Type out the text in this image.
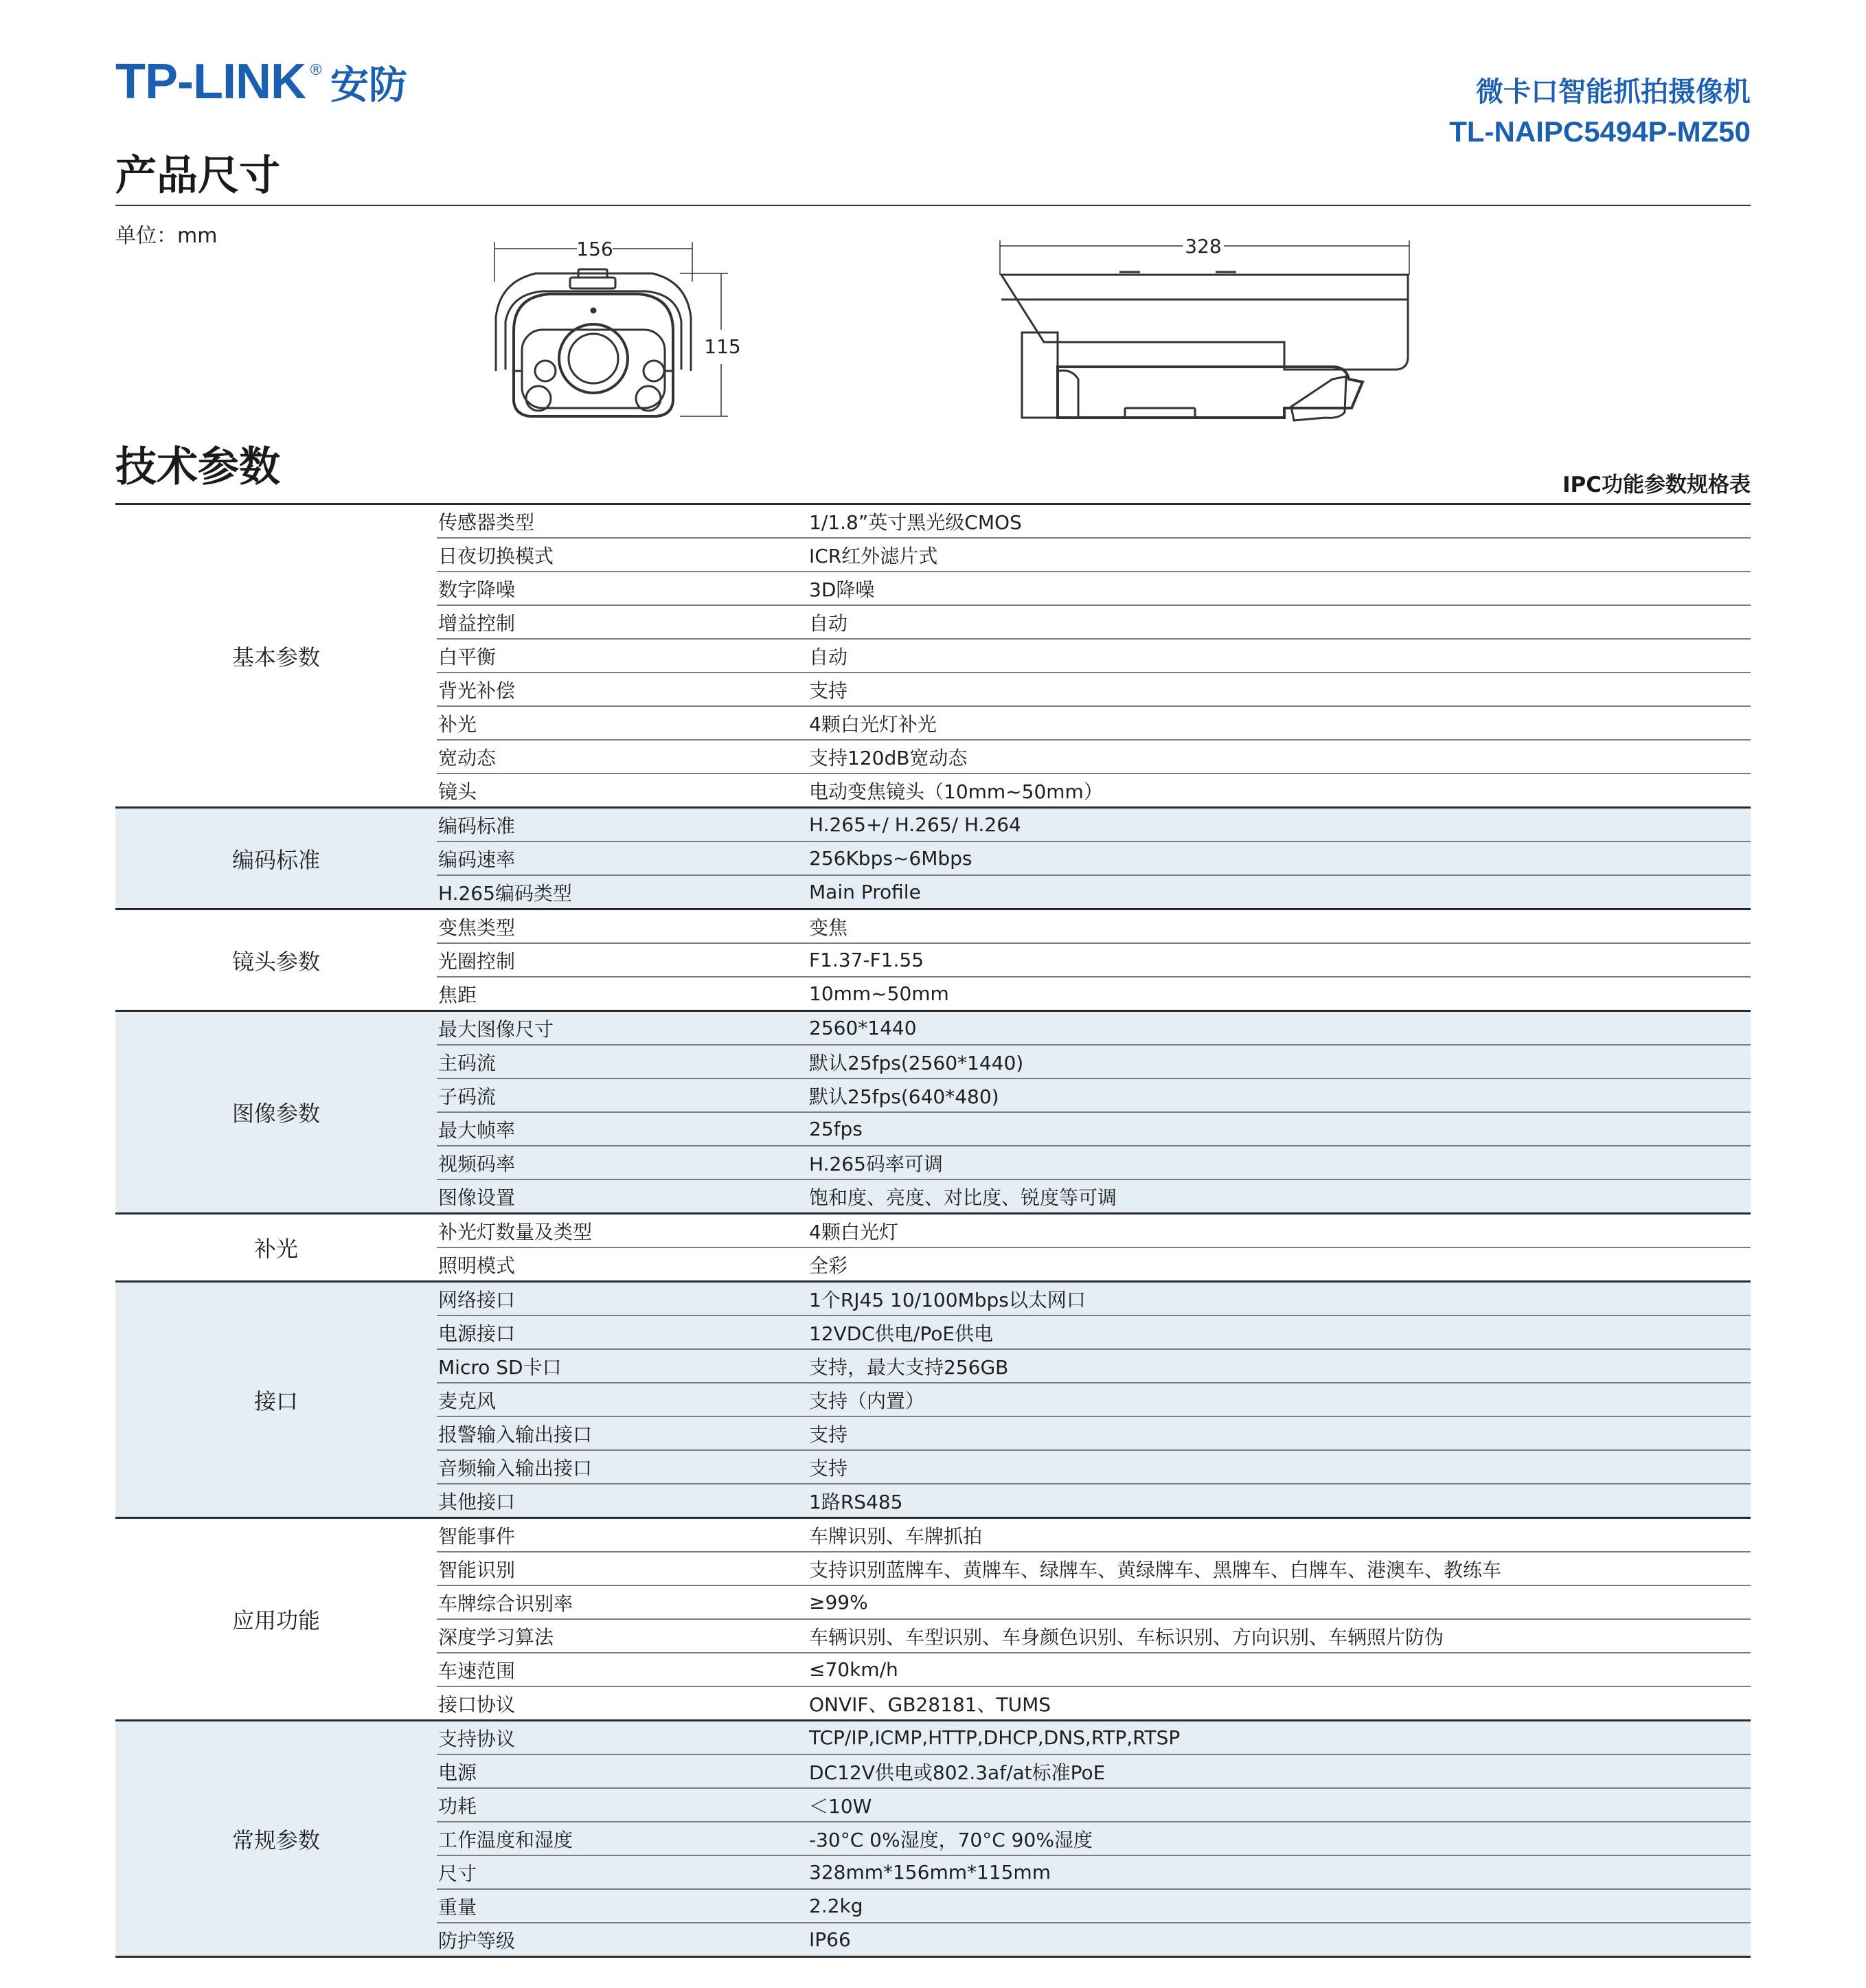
TP-LINK ® 安防	微卡口智能抓拍摄像机
TL-NAIPC5494P-MZ50
产品尺寸
单位：mm
156
115
328
技术参数	IPC功能参数规格表
基本参数
传感器类型	1/1.8”英寸黑光级CMOS
日夜切换模式	ICR红外滤片式
数字降噪	3D降噪
增益控制	自动
白平衡	自动
背光补偿	支持
补光	4颗白光灯补光
宽动态	支持120dB宽动态
镜头	电动变焦镜头（10mm~50mm）
编码标准
编码标准	H.265+/ H.265/ H.264
编码速率	256Kbps~6Mbps
H.265编码类型	Main Profile
镜头参数
变焦类型	变焦
光圈控制	F1.37-F1.55
焦距	10mm~50mm
图像参数
最大图像尺寸	2560*1440
主码流	默认25fps(2560*1440)
子码流	默认25fps(640*480)
最大帧率	25fps
视频码率	H.265码率可调
图像设置	饱和度、亮度、对比度、锐度等可调
补光
补光灯数量及类型	4颗白光灯
照明模式	全彩
接口
网络接口	1个RJ45 10/100Mbps以太网口
电源接口	12VDC供电/PoE供电
Micro SD卡口	支持，最大支持256GB
麦克风	支持（内置）
报警输入输出接口	支持
音频输入输出接口	支持
其他接口	1路RS485
应用功能
智能事件	车牌识别、车牌抓拍
智能识别	支持识别蓝牌车、黄牌车、绿牌车、黄绿牌车、黑牌车、白牌车、港澳车、教练车
车牌综合识别率	≥99%
深度学习算法	车辆识别、车型识别、车身颜色识别、车标识别、方向识别、车辆照片防伪
车速范围	≤70km/h
接口协议	ONVIF、GB28181、TUMS
常规参数
支持协议	TCP/IP,ICMP,HTTP,DHCP,DNS,RTP,RTSP
电源	DC12V供电或802.3af/at标准PoE
功耗	＜10W
工作温度和湿度	-30°C 0%湿度，70°C 90%湿度
尺寸	328mm*156mm*115mm
重量	2.2kg
防护等级	IP66
